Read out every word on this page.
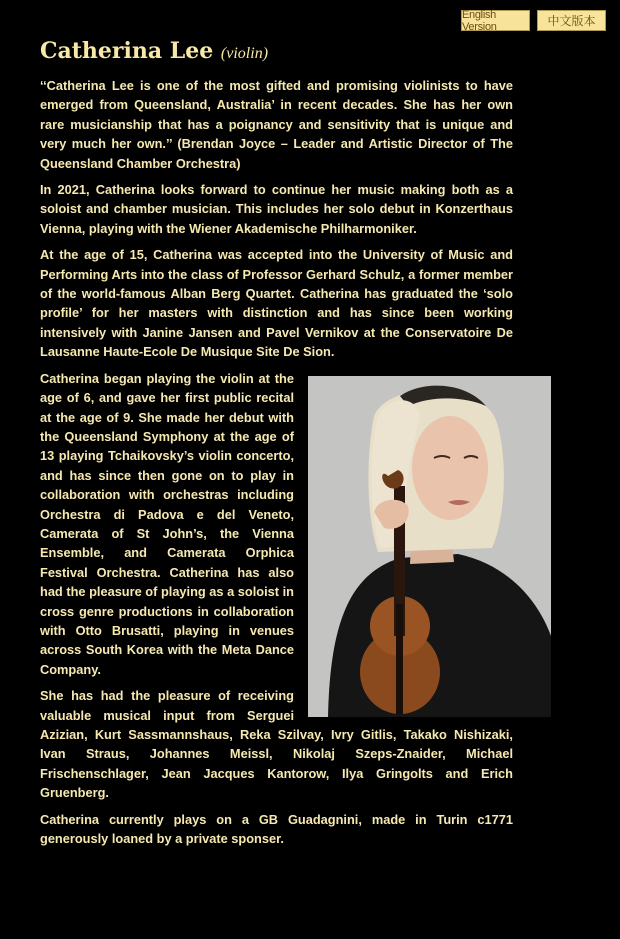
English Version	中文版本
Catherina Lee (violin)

‘‘Catherina Lee is one of the most gifted and promising violinists to have emerged from Queensland, Australia’ in recent decades. She has her own rare musicianship that has a poignancy and sensitivity that is unique and very much her own.’’ (Brendan Joyce – Leader and Artistic Director of The Queensland Chamber Orchestra)

In 2021, Catherina looks forward to continue her music making both as a soloist and chamber musician. This includes her solo debut in Konzerthaus Vienna, playing with the Wiener Akademische Philharmoniker.

At the age of 15, Catherina was accepted into the University of Music and Performing Arts into the class of Professor Gerhard Schulz, a former member of the world-famous Alban Berg Quartet. Catherina has graduated the ‘solo profile’ for her masters with distinction and has since been working intensively with Janine Jansen and Pavel Vernikov at the Conservatoire De Lausanne Haute-Ecole De Musique Site De Sion.

Catherina began playing the violin at the age of 6, and gave her first public recital at the age of 9. She made her debut with the Queensland Symphony at the age of 13 playing Tchaikovsky’s violin concerto, and has since then gone on to play in collaboration with orchestras including Orchestra di Padova e del Veneto, Camerata of St John’s, the Vienna Ensemble, and Camerata Orphica Festival Orchestra. Catherina has also had the pleasure of playing as a soloist in cross genre productions in collaboration with Otto Brusatti, playing in venues across South Korea with the Meta Dance Company.

She has had the pleasure of receiving valuable musical input from Serguei Azizian, Kurt Sassmannshaus, Reka Szilvay, Ivry Gitlis, Takako Nishizaki, Ivan Straus, Johannes Meissl, Nikolaj Szeps-Znaider, Michael Frischenschlager, Jean Jacques Kantorow, Ilya Gringolts and Erich Gruenberg.

Catherina currently plays on a GB Guadagnini, made in Turin c1771 generously loaned by a private sponser.
